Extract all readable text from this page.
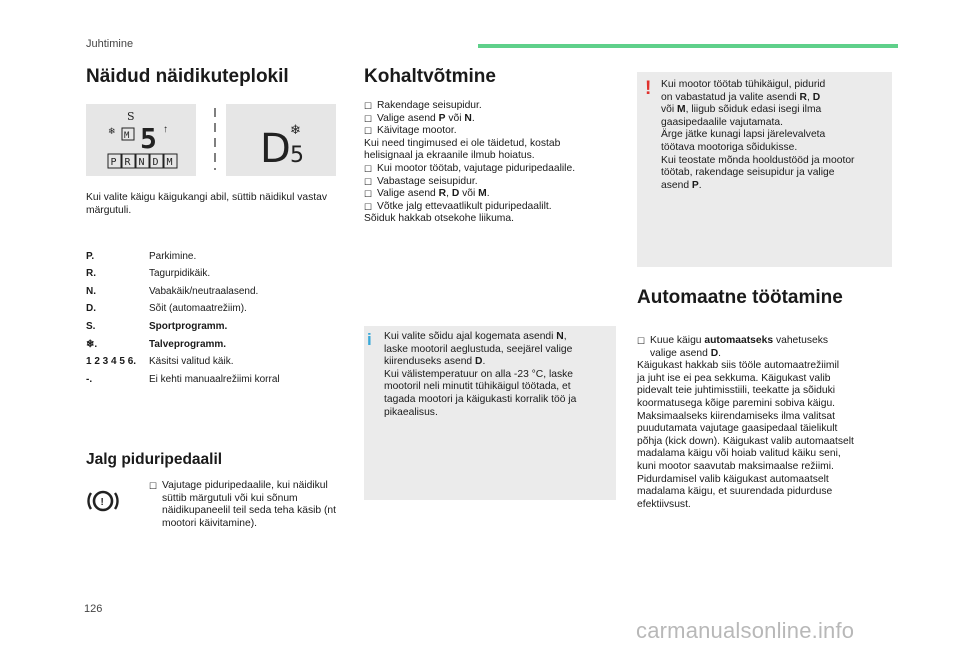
Juhtimine
Näidud näidikuteplokil
S
❄ M 5 ↑
P R N D M D 5
❄
Kui valite käigu käigukangi abil, süttib näidikul vastav märgutuli.
P.	Parkimine.
R.	Tagurpidikäik.
N.	Vabakäik/neutraalasend.
D.	Sõit (automaatrežiim).
S.	Sportprogramm.
❄.	Talveprogramm.
1 2 3 4 5 6.	Käsitsi valitud käik.
-.	Ei kehti manuaalrežiimi korral
Jalg piduripedaalil
!
☐ Vajutage piduripedaalile, kui näidikul süttib märgutuli või kui sõnum näidikupaneelil teil seda teha käsib (nt mootori käivitamine).
Kohaltvõtmine
☐ Rakendage seisupidur.
☐ Valige asend P või N.
☐ Käivitage mootor.
Kui need tingimused ei ole täidetud, kostab
helisignaal ja ekraanile ilmub hoiatus.
☐ Kui mootor töötab, vajutage piduripedaalile.
☐ Vabastage seisupidur.
☐ Valige asend R, D või M.
☐ Võtke jalg ettevaatlikult piduripedaalilt.
Sõiduk hakkab otsekohe liikuma.
i Kui valite sõidu ajal kogemata asendi N,
laske mootoril aeglustuda, seejärel valige
kiirenduseks asend D.
Kui välistemperatuur on alla -23 °C, laske
mootoril neli minutit tühikäigul töötada, et
tagada mootori ja käigukasti korralik töö ja
pikaealisus.
! Kui mootor töötab tühikäigul, pidurid
on vabastatud ja valite asendi R, D
või M, liigub sõiduk edasi isegi ilma
gaasipedaalile vajutamata.
Ärge jätke kunagi lapsi järelevalveta
töötava mootoriga sõidukisse.
Kui teostate mõnda hooldustööd ja mootor
töötab, rakendage seisupidur ja valige
asend P.
Automaatne töötamine
☐ Kuue käigu automaatseks vahetuseks
valige asend D.
Käigukast hakkab siis tööle automaatrežiimil
ja juht ise ei pea sekkuma. Käigukast valib
pidevalt teie juhtimisstiili, teekatte ja sõiduki
koormatusega kõige paremini sobiva käigu.
Maksimaalseks kiirendamiseks ilma valitsat
puudutamata vajutage gaasipedaal täielikult
põhja (kick down). Käigukast valib automaatselt
madalama käigu või hoiab valitud käiku seni,
kuni mootor saavutab maksimaalse režiimi.
Pidurdamisel valib käigukast automaatselt
madalama käigu, et suurendada pidurduse
efektiivsust.
126
carmanualsonline.info
